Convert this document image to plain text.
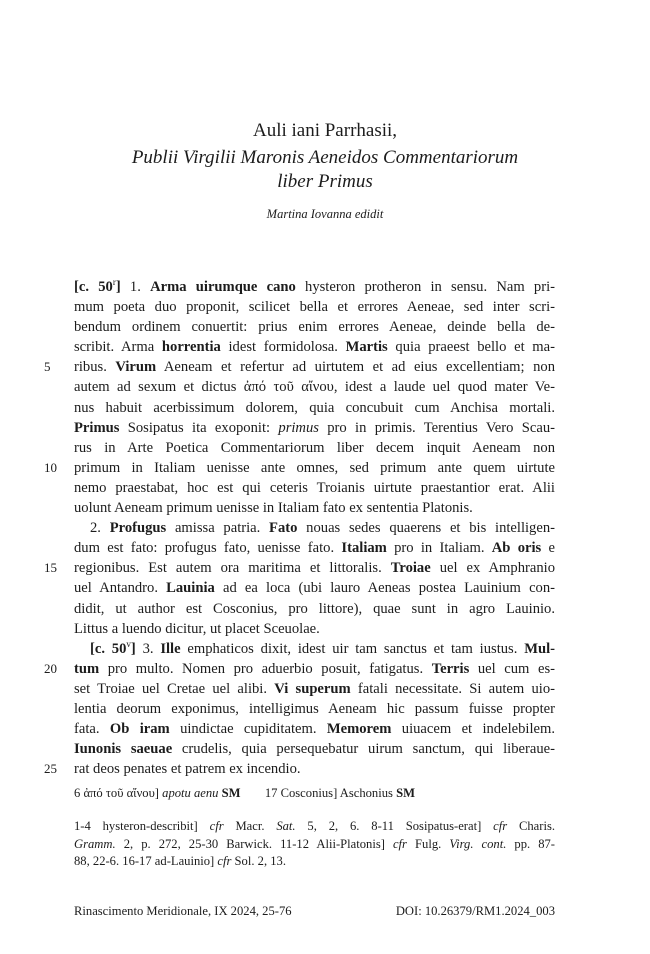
Auli iani Parrhasii,
Publii Virgilii Maronis Aeneidos Commentariorum
liber Primus
Martina Iovanna edidit
[c. 50$^r$] 1. Arma uirumque cano hysteron protheron in sensu. Nam pri-
mum poeta duo proponit, scilicet bella et errores Aeneae, sed inter scri-
bendum ordinem conuertit: prius enim errores Aeneae, deinde bella de-
scribit. Arma horrentia idest formidolosa. Martis quia praeest bello et ma-
5	ribus. Virum Aeneam et refertur ad uirtutem et ad eius excellentiam; non
autem ad sexum et dictus ἀπό τοῦ αἴνου, idest a laude uel quod mater Ve-
nus habuit acerbissimum dolorem, quia concubuit cum Anchisa mortali.
Primus Sosipatus ita exoponit: primus pro in primis. Terentius Vero Scau-
rus in Arte Poetica Commentariorum liber decem inquit Aeneam non
10	primum in Italiam uenisse ante omnes, sed primum ante quem uirtute
nemo praestabat, hoc est qui ceteris Troianis uirtute praestantior erat. Alii
uolunt Aeneam primum uenisse in Italiam fato ex sententia Platonis.
2. Profugus amissa patria. Fato nouas sedes quaerens et bis intelligen-
dum est fato: profugus fato, uenisse fato. Italiam pro in Italiam. Ab oris e
15	regionibus. Est autem ora maritima et littoralis. Troiae uel ex Amphranio
uel Antandro. Lauinia ad ea loca (ubi lauro Aeneas postea Lauinium con-
didit, ut author est Cosconius, pro littore), quae sunt in agro Lauinio.
Littus a luendo dicitur, ut placet Sceuolae.
[c. 50$^v$] 3. Ille emphaticos dixit, idest uir tam sanctus et tam iustus. Mul-
20	tum pro multo. Nomen pro aduerbio posuit, fatigatus. Terris uel cum es-
set Troiae uel Cretae uel alibi. Vi superum fatali necessitate. Si autem uio-
lentia deorum exponimus, intelligimus Aeneam hic passum fuisse propter
fata. Ob iram uindictae cupiditatem. Memorem uiuacem et indelebilem.
Iunonis saeuae crudelis, quia persequebatur uirum sanctum, qui liberaue-
25	rat deos penates et patrem ex incendio.
6 ἀπό τοῦ αἴνου] apotu aenu SM 17 Cosconius] Aschonius SM
1-4 hysteron-describit] cfr Macr. Sat. 5, 2, 6. 8-11 Sosipatus-erat] cfr Charis.
Gramm. 2, p. 272, 25-30 Barwick. 11-12 Alii-Platonis] cfr Fulg. Virg. cont. pp. 87-
88, 22-6. 16-17 ad-Lauinio] cfr Sol. 2, 13.
Rinascimento Meridionale, IX 2024, 25-76	DOI: 10.26379/RM1.2024_003
